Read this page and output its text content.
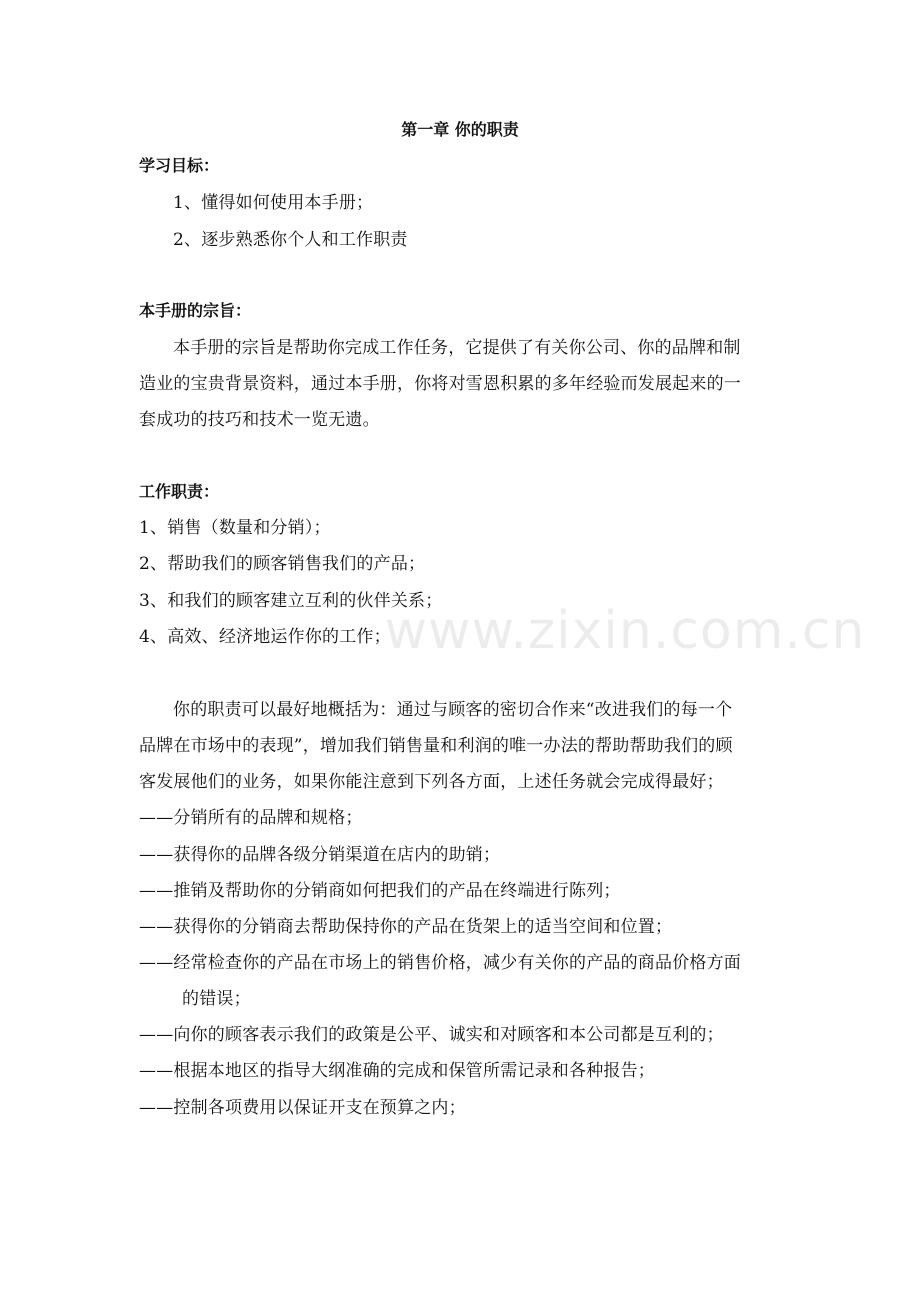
www.zixin.com.cn
第一章 你的职责
学习目标：
1、懂得如何使用本手册；
2、逐步熟悉你个人和工作职责
本手册的宗旨：
本手册的宗旨是帮助你完成工作任务，它提供了有关你公司、你的品牌和制
造业的宝贵背景资料，通过本手册，你将对雪恩积累的多年经验而发展起来的一
套成功的技巧和技术一览无遗。
工作职责：
1、销售（数量和分销）；
2、帮助我们的顾客销售我们的产品；
3、和我们的顾客建立互利的伙伴关系；
4、高效、经济地运作你的工作；
你的职责可以最好地概括为：通过与顾客的密切合作来“改进我们的每一个
品牌在市场中的表现”，增加我们销售量和利润的唯一办法的帮助帮助我们的顾
客发展他们的业务，如果你能注意到下列各方面，上述任务就会完成得最好；
——分销所有的品牌和规格；
——获得你的品牌各级分销渠道在店内的助销；
——推销及帮助你的分销商如何把我们的产品在终端进行陈列；
——获得你的分销商去帮助保持你的产品在货架上的适当空间和位置；
——经常检查你的产品在市场上的销售价格，减少有关你的产品的商品价格方面
的错误；
——向你的顾客表示我们的政策是公平、诚实和对顾客和本公司都是互利的；
——根据本地区的指导大纲准确的完成和保管所需记录和各种报告；
——控制各项费用以保证开支在预算之内；
